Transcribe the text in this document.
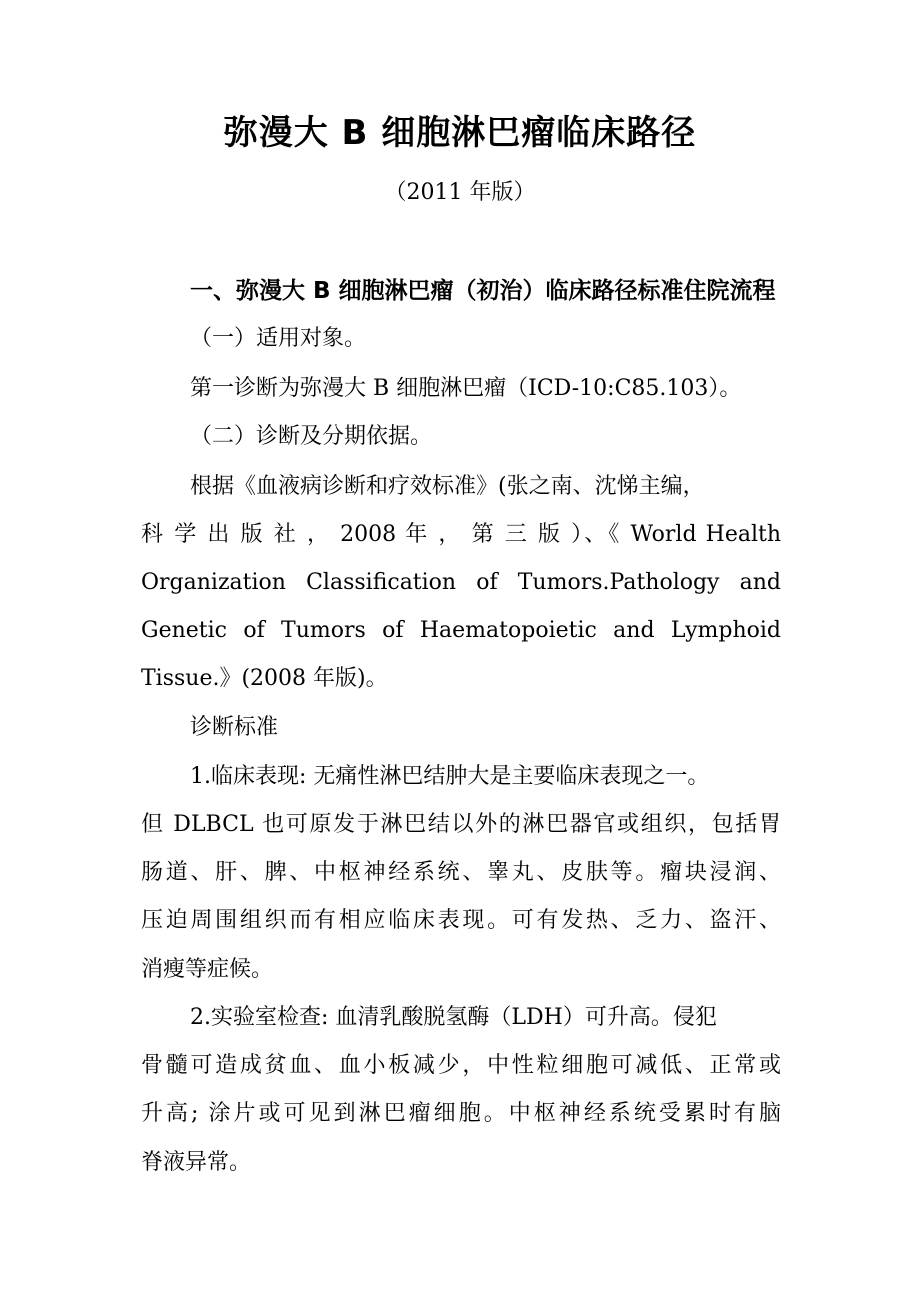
弥漫大 B 细胞淋巴瘤临床路径
（2011 年版）
一、弥漫大 B 细胞淋巴瘤（初治）临床路径标准住院流程
（一）适用对象。
第一诊断为弥漫大 B 细胞淋巴瘤（ICD-10:C85.103）。
（二）诊断及分期依据。
根据《血液病诊断和疗效标准》(张之南、沈悌主编，
科 学 出 版 社 ， 2008 年 ， 第 三 版 ）、《 World Health
Organization Classification of Tumors.Pathology and
Genetic of Tumors of Haematopoietic and Lymphoid
Tissue.》(2008 年版)。
诊断标准
1.临床表现: 无痛性淋巴结肿大是主要临床表现之一。
但 DLBCL 也可原发于淋巴结以外的淋巴器官或组织，包括胃
肠道、肝、脾、中枢神经系统、睾丸、皮肤等。瘤块浸润、
压迫周围组织而有相应临床表现。可有发热、乏力、盗汗、
消瘦等症候。
2.实验室检查: 血清乳酸脱氢酶（LDH）可升高。侵犯
骨髓可造成贫血、血小板减少，中性粒细胞可减低、正常或
升高; 涂片或可见到淋巴瘤细胞。中枢神经系统受累时有脑
脊液异常。
